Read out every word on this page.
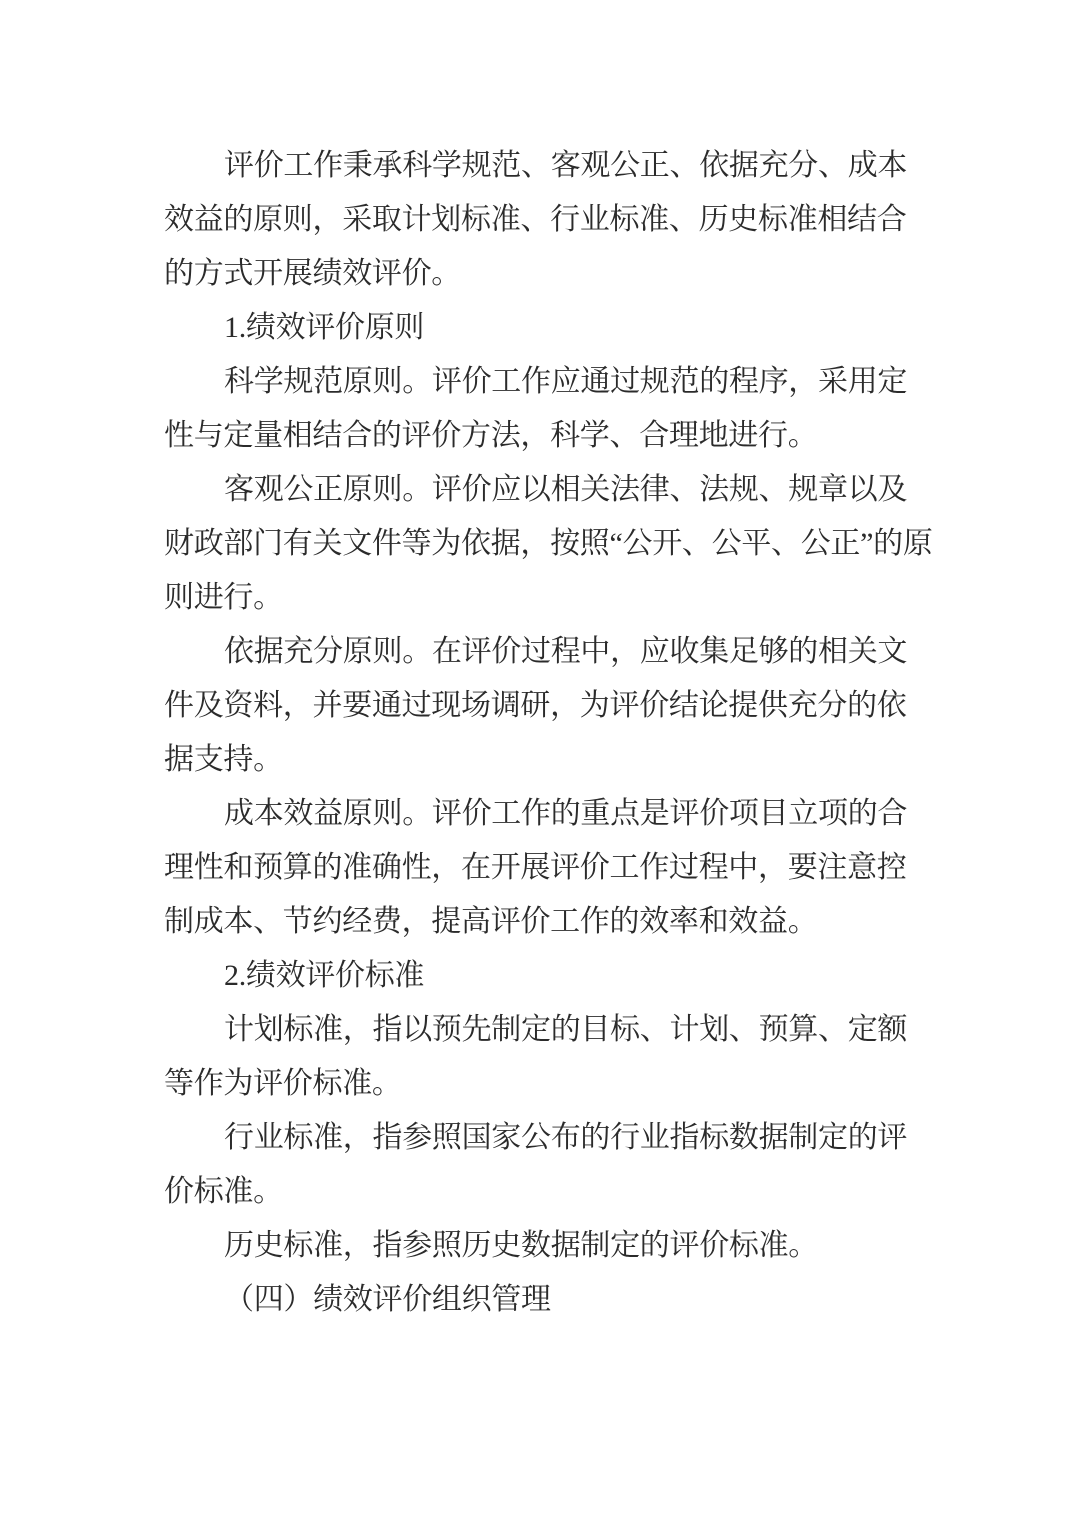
评价工作秉承科学规范、客观公正、依据充分、成本
效益的原则，采取计划标准、行业标准、历史标准相结合
的方式开展绩效评价。
1.绩效评价原则
科学规范原则。评价工作应通过规范的程序，采用定
性与定量相结合的评价方法，科学、合理地进行。
客观公正原则。评价应以相关法律、法规、规章以及
财政部门有关文件等为依据，按照“公开、公平、公正”的原
则进行。
依据充分原则。在评价过程中，应收集足够的相关文
件及资料，并要通过现场调研，为评价结论提供充分的依
据支持。
成本效益原则。评价工作的重点是评价项目立项的合
理性和预算的准确性，在开展评价工作过程中，要注意控
制成本、节约经费，提高评价工作的效率和效益。
2.绩效评价标准
计划标准，指以预先制定的目标、计划、预算、定额
等作为评价标准。
行业标准，指参照国家公布的行业指标数据制定的评
价标准。
历史标准，指参照历史数据制定的评价标准。
（四）绩效评价组织管理
